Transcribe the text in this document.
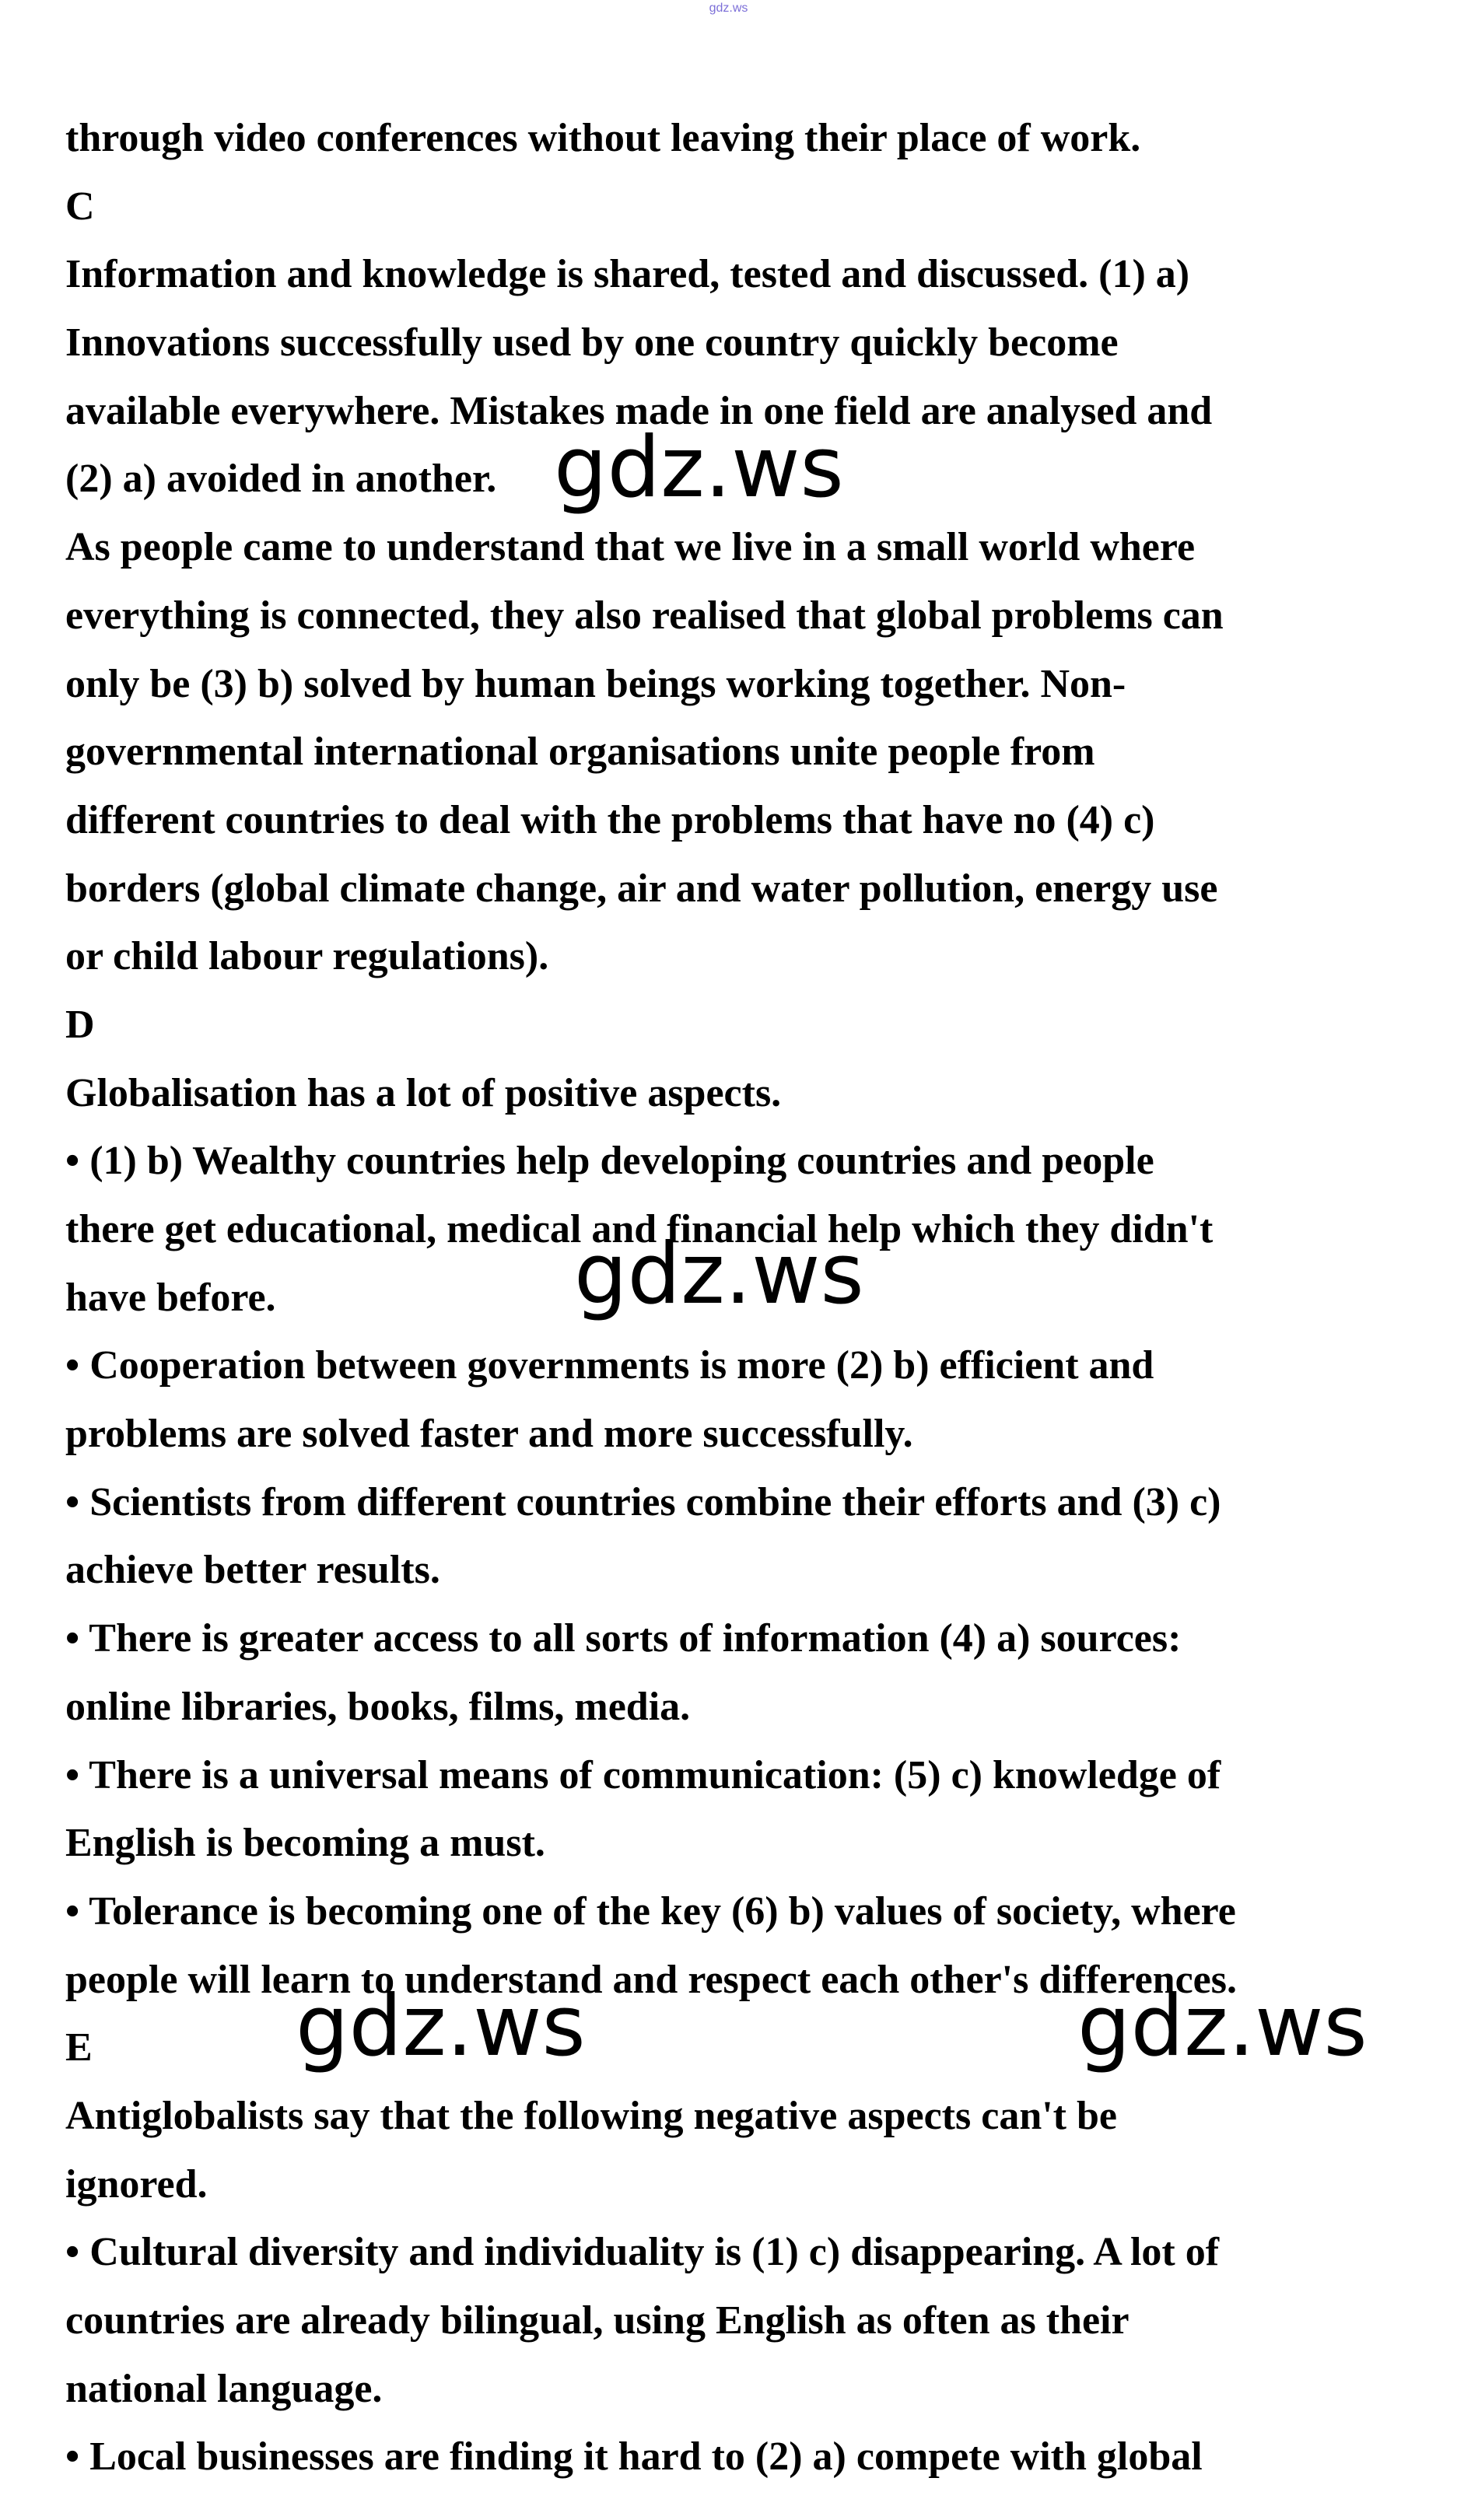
gdz.ws
through video conferences without leaving their place of work.
C
Information and knowledge is shared, tested and discussed. (1) a)
Innovations successfully used by one country quickly become
available everywhere. Mistakes made in one field are analysed and
(2) a) avoided in another.
As people came to understand that we live in a small world where
everything is connected, they also realised that global problems can
only be (3) b) solved by human beings working together. Non-
governmental international organisations unite people from
different countries to deal with the problems that have no (4) c)
borders (global climate change, air and water pollution, energy use
or child labour regulations).
D
Globalisation has a lot of positive aspects.
• (1) b) Wealthy countries help developing countries and people
there get educational, medical and financial help which they didn't
have before.
• Cooperation between governments is more (2) b) efficient and
problems are solved faster and more successfully.
• Scientists from different countries combine their efforts and (3) c)
achieve better results.
• There is greater access to all sorts of information (4) a) sources:
online libraries, books, films, media.
• There is a universal means of communication: (5) c) knowledge of
English is becoming a must.
• Tolerance is becoming one of the key (6) b) values of society, where
people will learn to understand and respect each other's differences.
E
Antiglobalists say that the following negative aspects can't be
ignored.
• Cultural diversity and individuality is (1) c) disappearing. A lot of
countries are already bilingual, using English as often as their
national language.
• Local businesses are finding it hard to (2) a) compete with global
gdz.ws
gdz.ws
gdz.ws	gdz.ws
